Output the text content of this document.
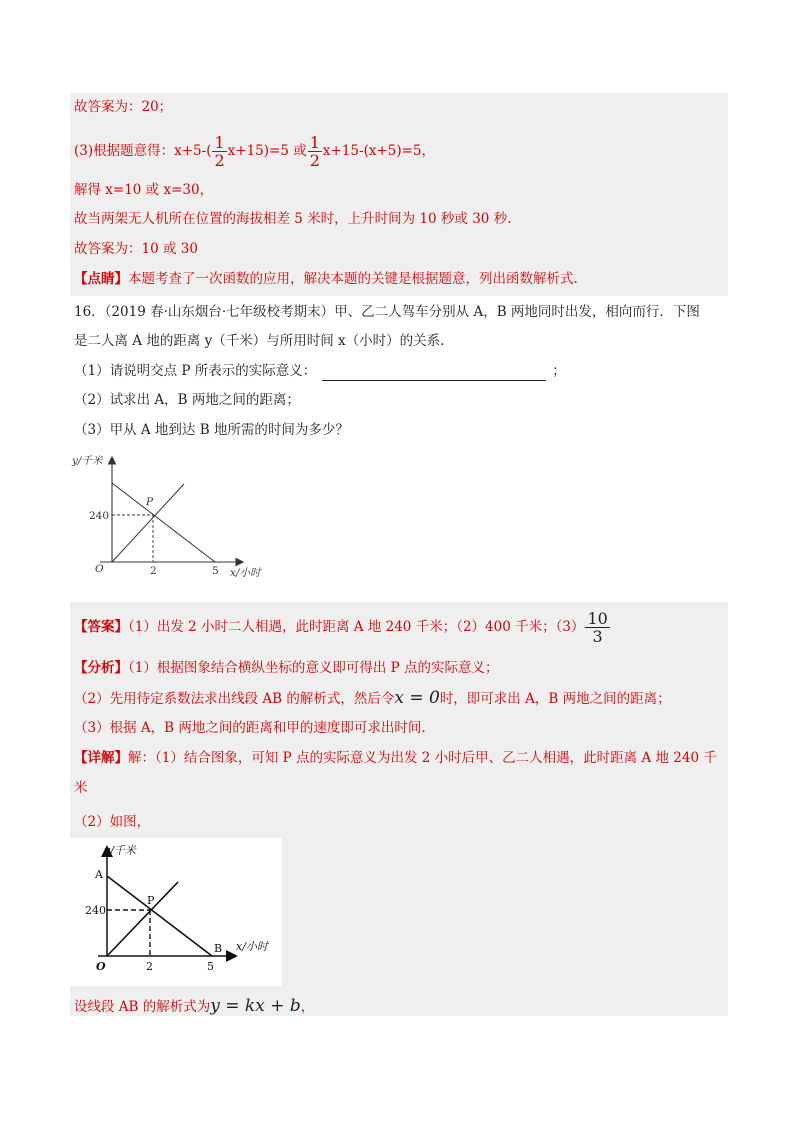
故答案为：20；
(3)根据题意得：$x+5-( \frac{1}{2} x+15)=5$ 或 $\frac{1}{2} x+15-(x+5)=5$，
解得 x=10 或 x=30，
故当两架无人机所在位置的海拔相差 5 米时，上升时间为 10 秒或 30 秒.
故答案为：10 或 30
【点睛】本题考查了一次函数的应用，解决本题的关键是根据题意，列出函数解析式.
16．（2019 春·山东烟台·七年级校考期末）甲、乙二人驾车分别从 A，B 两地同时出发，相向而行．下图
是二人离 A 地的距离 y（千米）与所用时间 x（小时）的关系.
（1）请说明交点 P 所表示的实际意义：	；
（2）试求出 A，B 两地之间的距离；
（3）甲从 A 地到达 B 地所需的时间为多少？
y/千米
x/小时
O
P
240
2	5
【答案】（1）出发 2 小时二人相遇，此时距离 A 地 240 千米；（2）400 千米；$(3) \frac{10}{3}$
【分析】（1）根据图象结合横纵坐标的意义即可得出 P 点的实际意义；
（2）先用待定系数法求出线段 AB 的解析式，然后令x = 0时，即可求出 A，B 两地之间的距离；
（3）根据 A，B 两地之间的距离和甲的速度即可求出时间.
【详解】解：（1）结合图象，可知 P 点的实际意义为出发 2 小时后甲、乙二人相遇，此时距离 A 地 240 千
米
（2）如图，
y/千米
x/小时
A
B
P
240
O	2	5
设线段 AB 的解析式为y = kx + b，
